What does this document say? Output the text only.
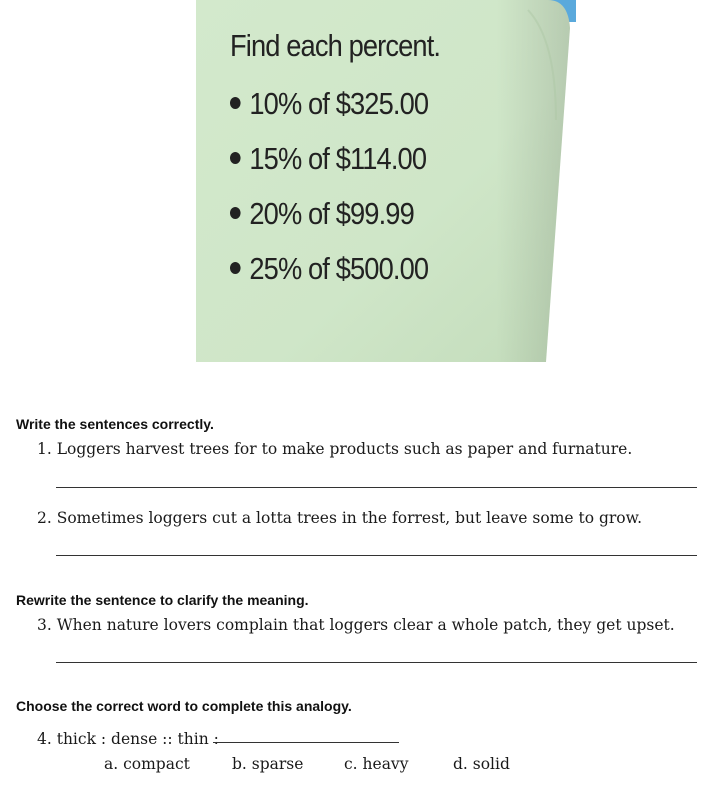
Find each percent.
10% of $325.00
15% of $114.00
20% of $99.99
25% of $500.00
Write the sentences correctly.
1. Loggers harvest trees for to make products such as paper and furnature.
2. Sometimes loggers cut a lotta trees in the forrest, but leave some to grow.
Rewrite the sentence to clarify the meaning.
3. When nature lovers complain that loggers clear a whole patch, they get upset.
Choose the correct word to complete this analogy.
4. thick : dense :: thin :
a. compact	b. sparse	c. heavy	d. solid
